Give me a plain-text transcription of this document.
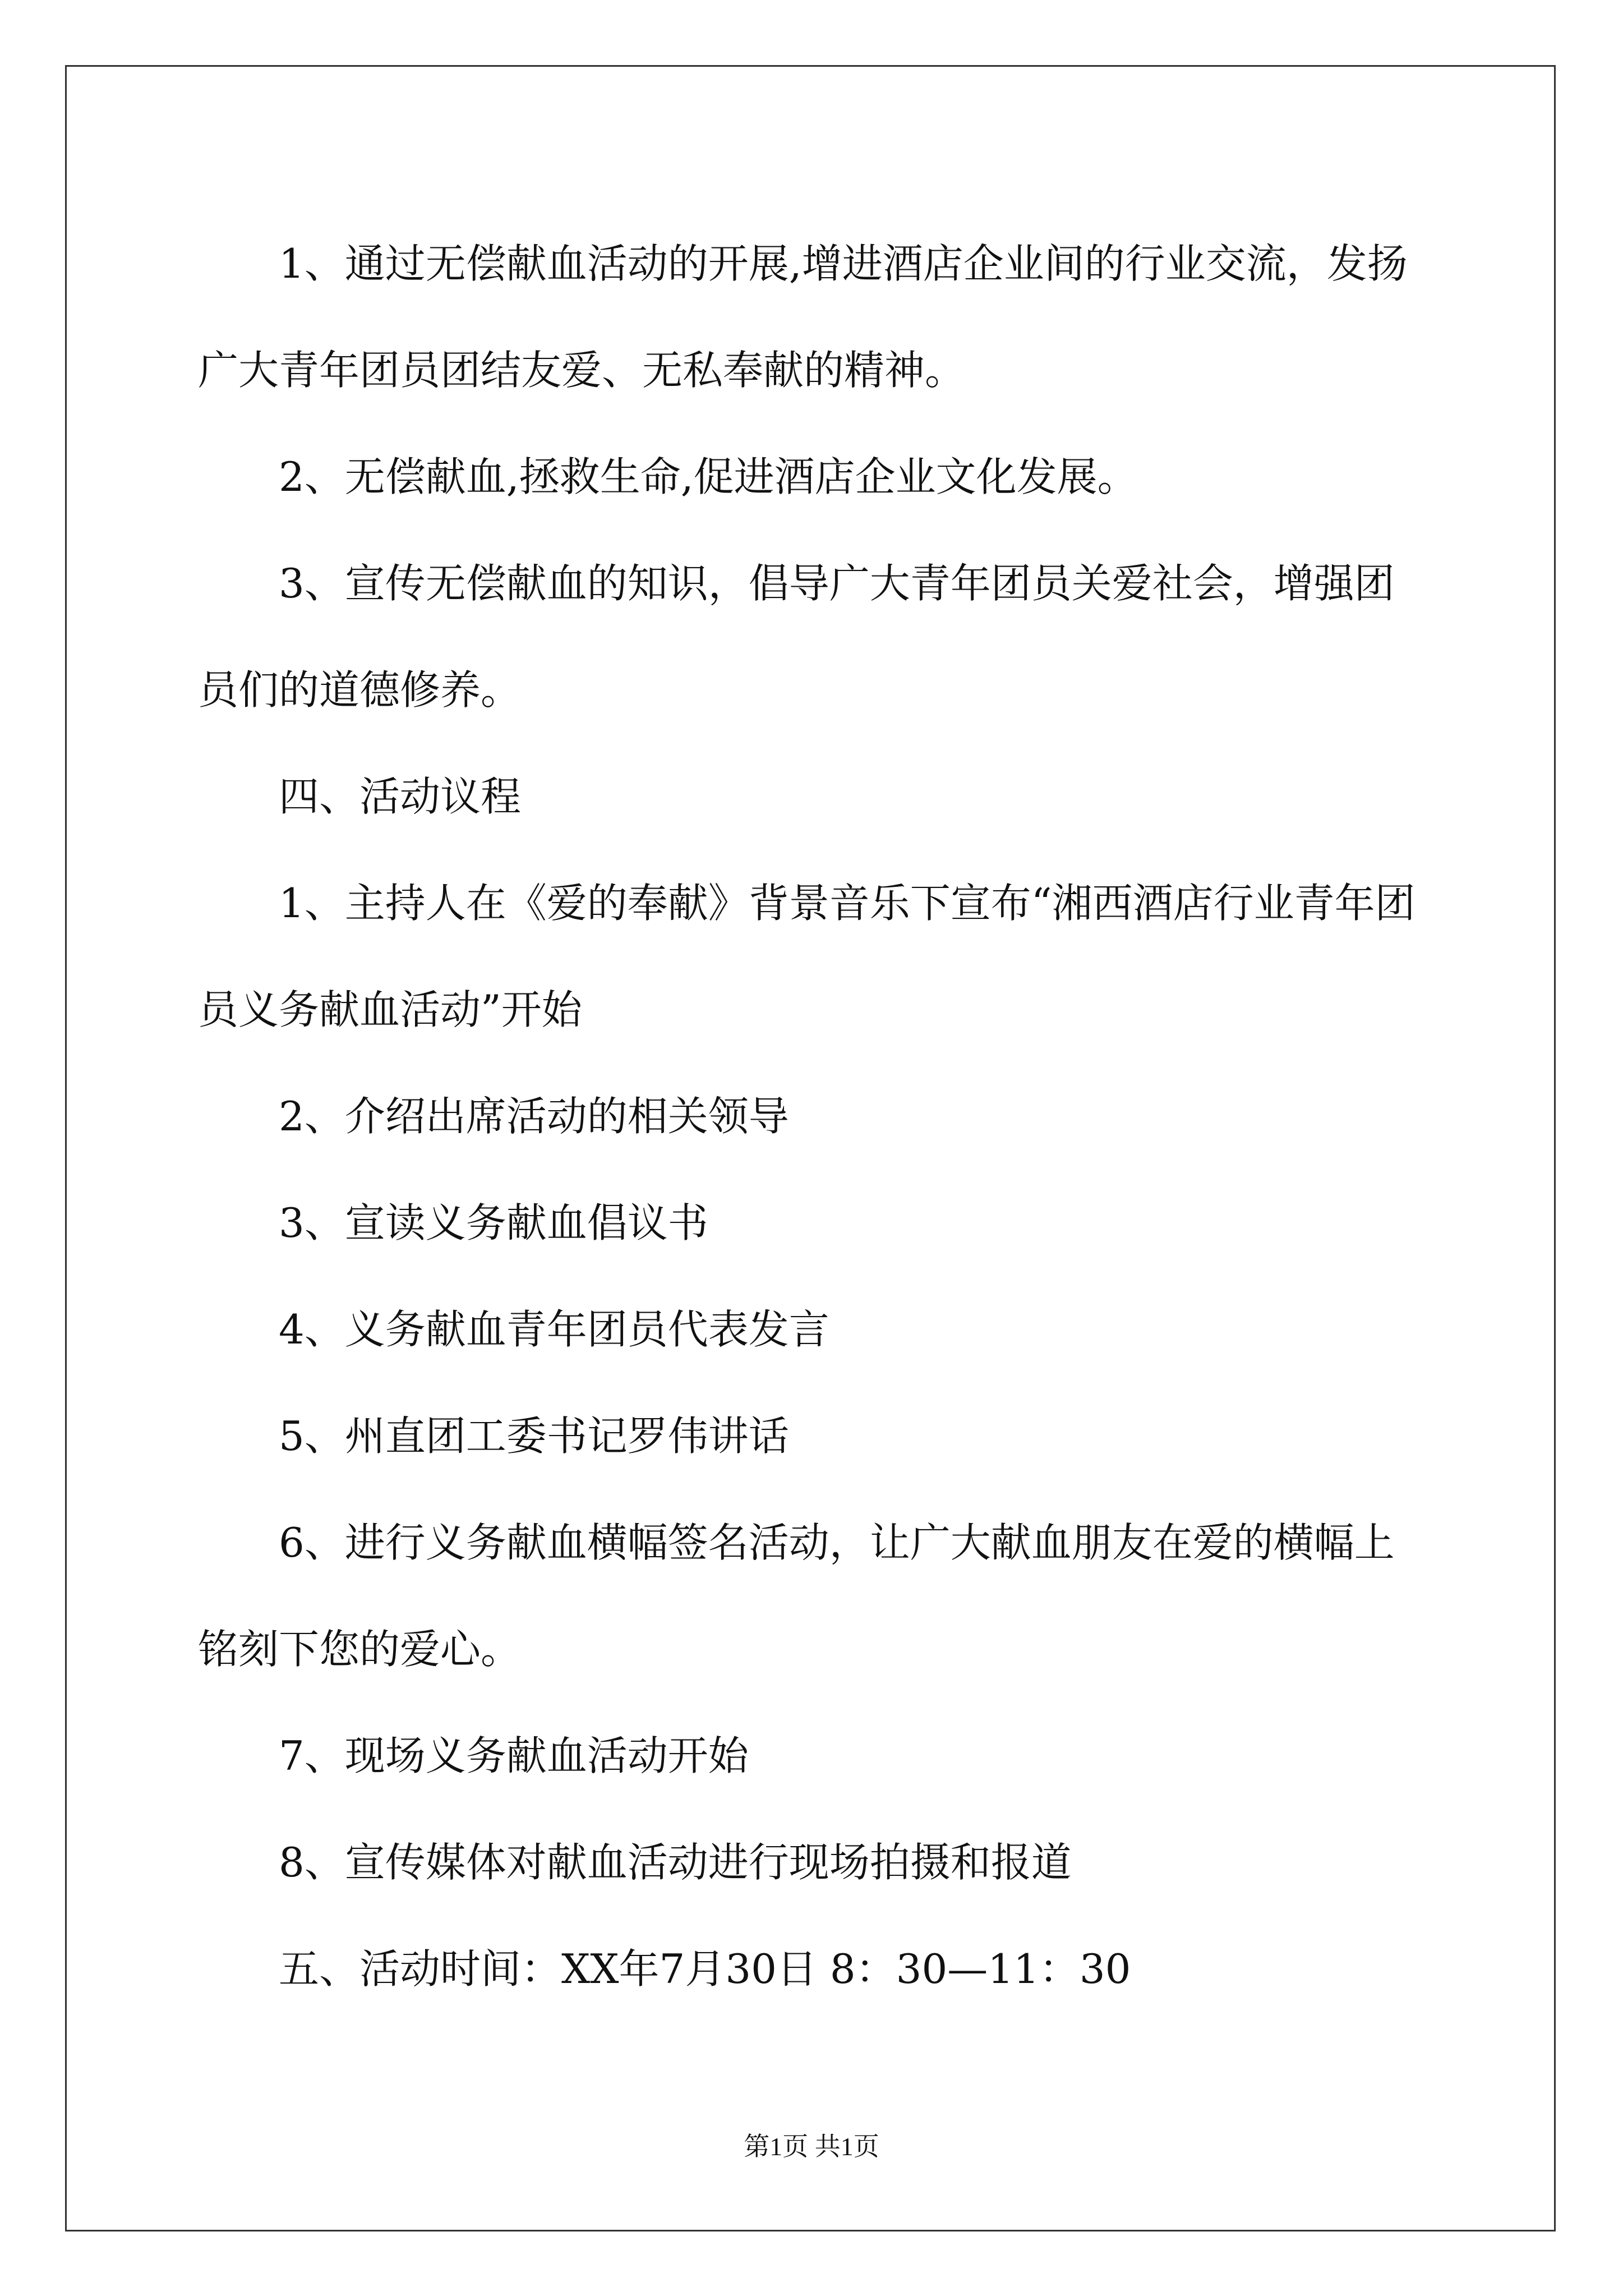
1、通过无偿献血活动的开展,增进酒店企业间的行业交流，发扬广大青年团员团结友爱、无私奉献的精神。

2、无偿献血,拯救生命,促进酒店企业文化发展。

3、宣传无偿献血的知识，倡导广大青年团员关爱社会，增强团员们的道德修养。

四、活动议程

1、主持人在《爱的奉献》背景音乐下宣布“湘西酒店行业青年团员义务献血活动”开始

2、介绍出席活动的相关领导

3、宣读义务献血倡议书

4、义务献血青年团员代表发言

5、州直团工委书记罗伟讲话

6、进行义务献血横幅签名活动，让广大献血朋友在爱的横幅上铭刻下您的爱心。

7、现场义务献血活动开始

8、宣传媒体对献血活动进行现场拍摄和报道

五、活动时间：XX年7月30日 8：30—11：30

第1页 共1页
